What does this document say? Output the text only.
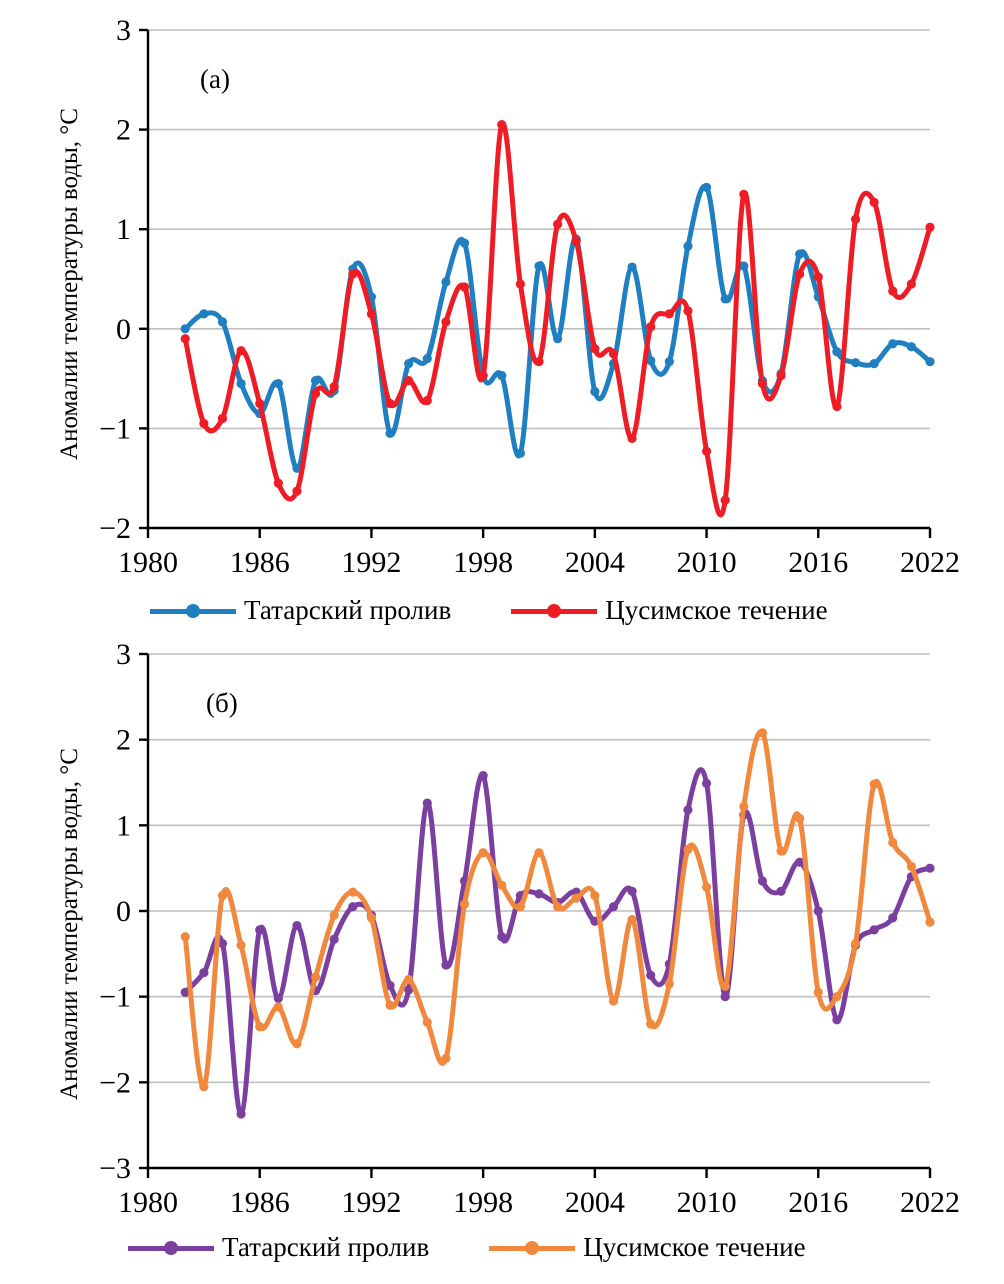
Аномалии температуры воды, °C
3
2
1
0
−1
−2
1980 1986 1992 1998 2004 2010 2016 2022
(а)
Татарский пролив	Цусимское течение
Аномалии температуры воды, °C
3
2
1
0
−1
−2
−3
1980 1986 1992 1998 2004 2010 2016 2022
(б)
Татарский пролив	Цусимское течение
